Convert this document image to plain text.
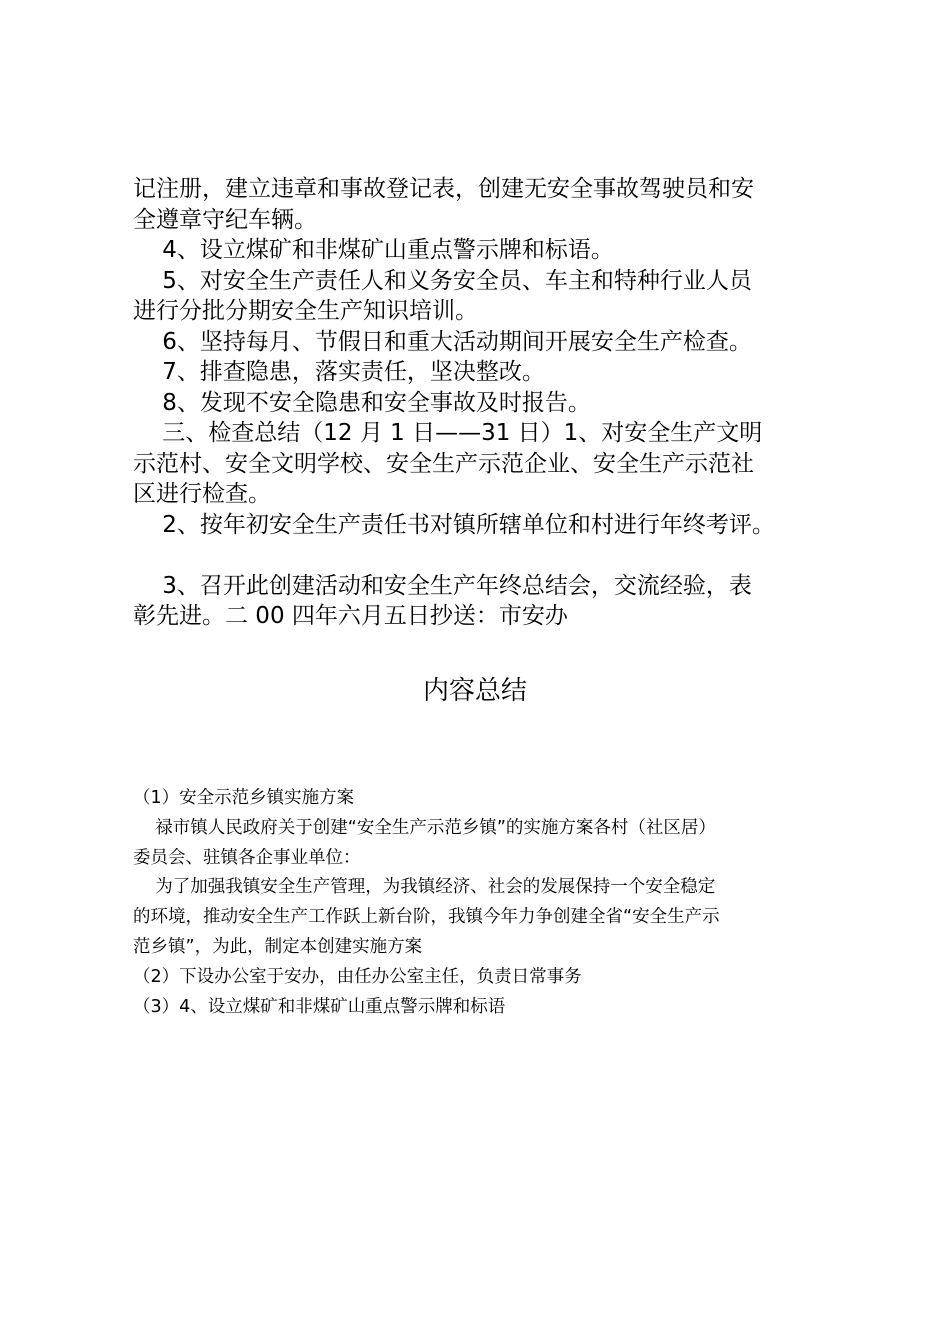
记注册，建立违章和事故登记表，创建无安全事故驾驶员和安

全遵章守纪车辆。

4、设立煤矿和非煤矿山重点警示牌和标语。

5、对安全生产责任人和义务安全员、车主和特种行业人员

进行分批分期安全生产知识培训。

6、坚持每月、节假日和重大活动期间开展安全生产检查。

7、排查隐患，落实责任，坚决整改。

8、发现不安全隐患和安全事故及时报告。

三、检查总结（12 月 1 日——31 日）1、对安全生产文明

示范村、安全文明学校、安全生产示范企业、安全生产示范社

区进行检查。

2、按年初安全生产责任书对镇所辖单位和村进行年终考评。

3、召开此创建活动和安全生产年终总结会，交流经验，表

彰先进。二 00 四年六月五日抄送：市安办

内容总结

（1）安全示范乡镇实施方案

禄市镇人民政府关于创建“安全生产示范乡镇”的实施方案各村（社区居）

委员会、驻镇各企事业单位：

为了加强我镇安全生产管理，为我镇经济、社会的发展保持一个安全稳定

的环境，推动安全生产工作跃上新台阶，我镇今年力争创建全省“安全生产示

范乡镇”，为此，制定本创建实施方案

（2）下设办公室于安办，由任办公室主任，负责日常事务

（3）4、设立煤矿和非煤矿山重点警示牌和标语
